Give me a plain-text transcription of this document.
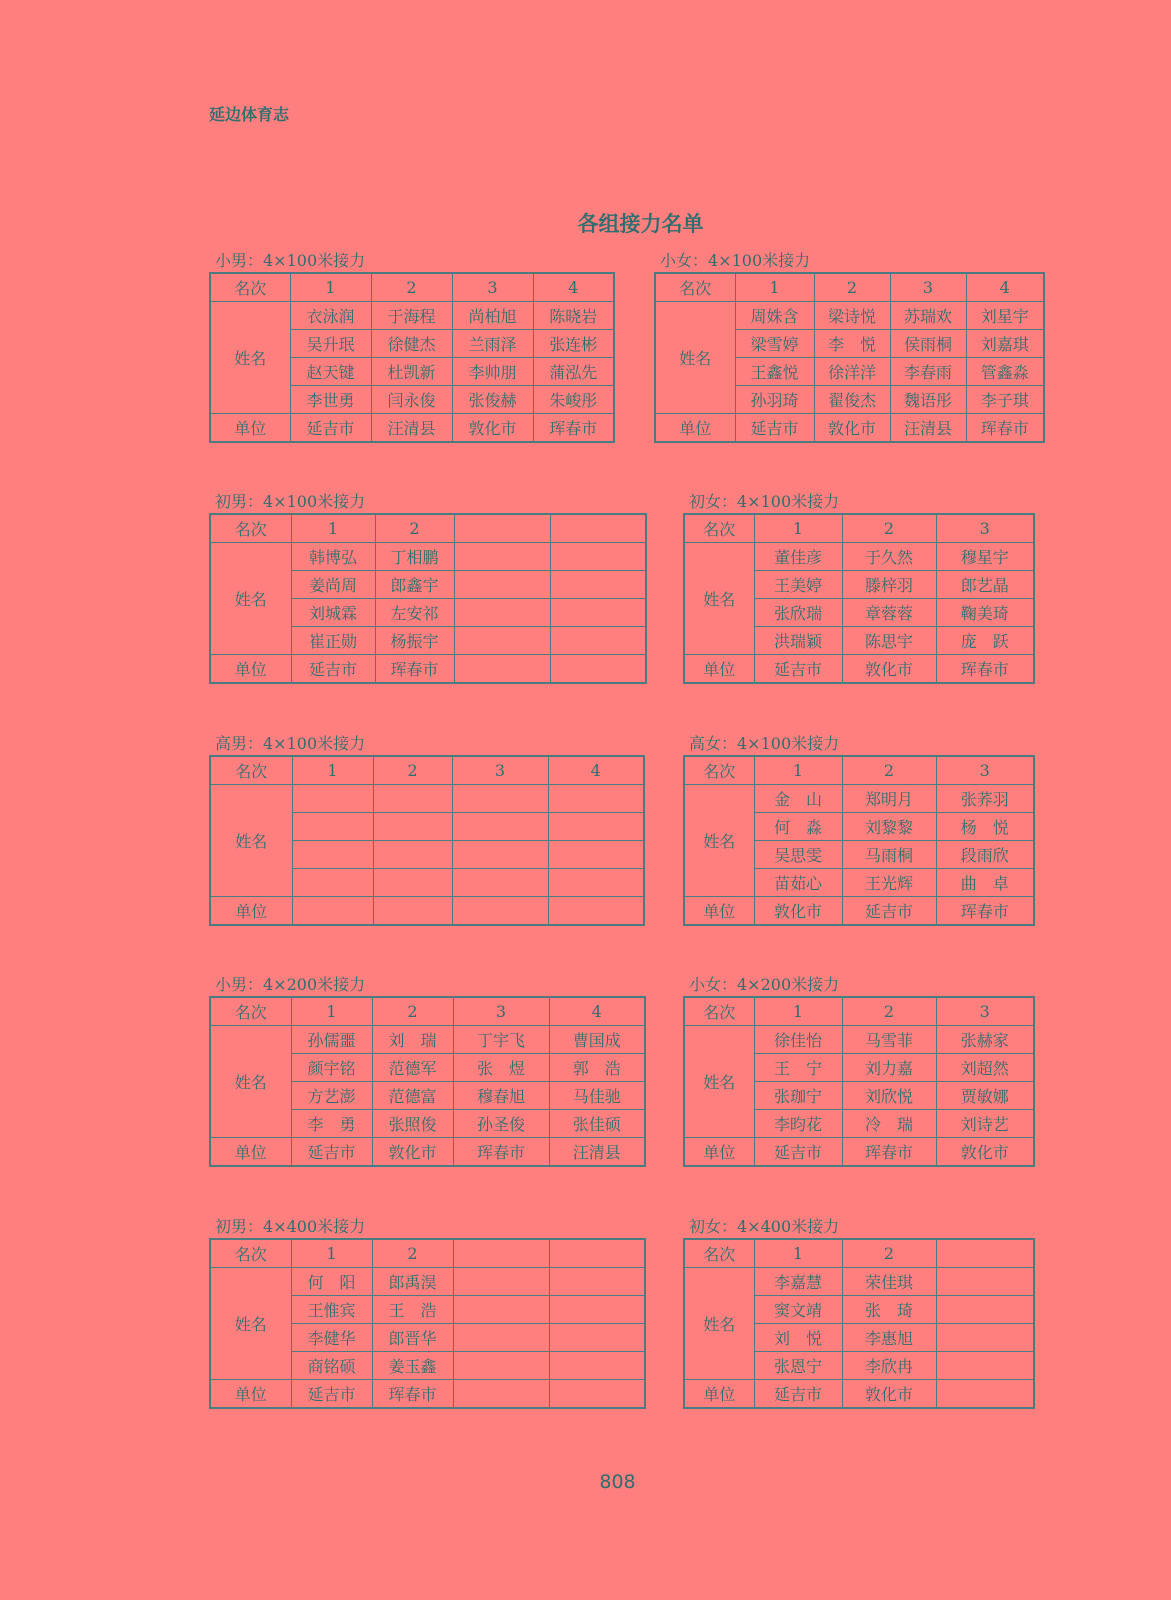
延边体育志
各组接力名单
小男：4×100米接力
名次	1	2	3	4
姓名	衣泳润	于海程	尚柏旭	陈晓岩
	吴升珉	徐健杰	兰雨泽	张连彬
	赵天键	杜凯新	李帅朋	蒲泓先
	李世勇	闫永俊	张俊赫	朱峻彤
单位	延吉市	汪清县	敦化市	珲春市
小女：4×100米接力
名次	1	2	3	4
姓名	周姝含	梁诗悦	苏瑞欢	刘星宇
	梁雪婷	李　悦	侯雨桐	刘嘉琪
	王鑫悦	徐洋洋	李春雨	管鑫淼
	孙羽琦	翟俊杰	魏语彤	李子琪
单位	延吉市	敦化市	汪清县	珲春市
初男：4×100米接力
名次	1	2		
姓名	韩博弘	丁相鹏		
	姜尚周	郎鑫宇		
	刘城霖	左安祁		
	崔正勋	杨振宇		
单位	延吉市	珲春市		
初女：4×100米接力
名次	1	2	3
姓名	董佳彦	于久然	穆星宇
	王美婷	滕梓羽	郎艺晶
	张欣瑞	章蓉蓉	鞠美琦
	洪瑞颖	陈思宇	庞　跃
单位	延吉市	敦化市	珲春市
高男：4×100米接力
名次	1	2	3	4
姓名				

单位				
高女：4×100米接力
名次	1	2	3
姓名	金　山	郑明月	张荞羽
	何　淼	刘黎黎	杨　悦
	吴思雯	马雨桐	段雨欣
	苗茹心	王光辉	曲　卓
单位	敦化市	延吉市	珲春市
小男：4×200米接力
名次	1	2	3	4
姓名	孙儒噩	刘　瑞	丁宇飞	曹国成
	颜宇铭	范德军	张　煜	郭　浩
	方艺澎	范德富	穆春旭	马佳驰
	李　勇	张照俊	孙圣俊	张佳硕
单位	延吉市	敦化市	珲春市	汪清县
小女：4×200米接力
名次	1	2	3
姓名	徐佳怡	马雪菲	张赫家
	王　宁	刘力嘉	刘超然
	张珈宁	刘欣悦	贾敏娜
	李昀花	冷　瑞	刘诗艺
单位	延吉市	珲春市	敦化市
初男：4×400米接力
名次	1	2		
姓名	何　阳	郎禹淏		
	王惟宾	王　浩		
	李健华	郎晋华		
	商铭硕	姜玉鑫		
单位	延吉市	珲春市		
初女：4×400米接力
名次	1	2	
姓名	李嘉慧	荣佳琪	
	窦文靖	张　琦	
	刘　悦	李惠旭	
	张恩宁	李欣冉	
单位	延吉市	敦化市	
808
